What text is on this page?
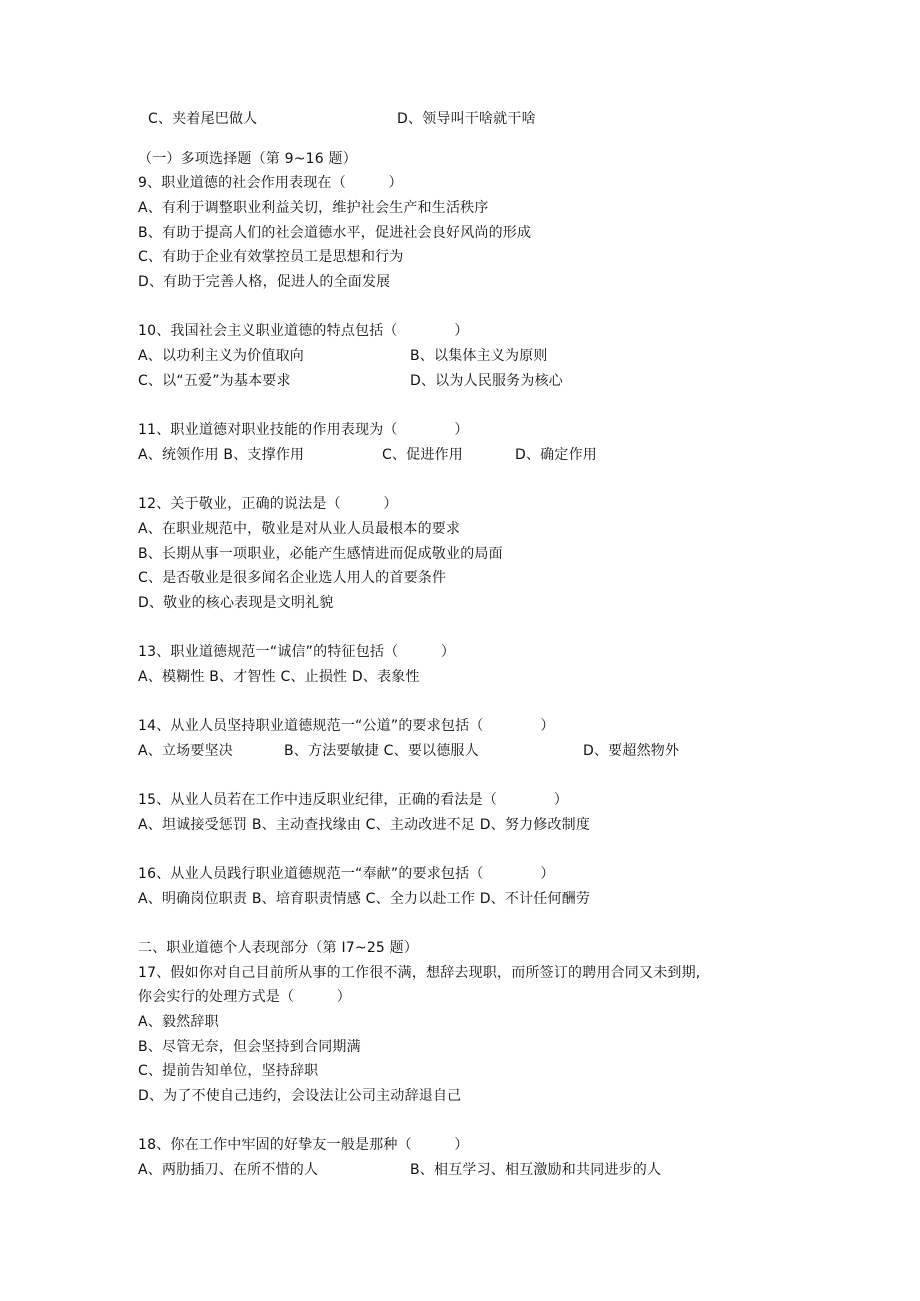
C、夹着尾巴做人	D、领导叫干啥就干啥
（一）多项选择题（第 9~16 题）
9、职业道德的社会作用表现在（　　　）
A、有利于调整职业利益关切，维护社会生产和生活秩序
B、有助于提高人们的社会道德水平，促进社会良好风尚的形成
C、有助于企业有效掌控员工是思想和行为
D、有助于完善人格，促进人的全面发展
10、我国社会主义职业道德的特点包括（　　　　）
A、以功利主义为价值取向	B、以集体主义为原则
C、以“五爱”为基本要求	D、以为人民服务为核心
11、职业道德对职业技能的作用表现为（　　　　）
A、统领作用 B、支撑作用	C、促进作用	D、确定作用
12、关于敬业，正确的说法是（　　　）
A、在职业规范中，敬业是对从业人员最根本的要求
B、长期从事一项职业，必能产生感情进而促成敬业的局面
C、是否敬业是很多闻名企业选人用人的首要条件
D、敬业的核心表现是文明礼貌
13、职业道德规范一“诚信”的特征包括（　　　）
A、模糊性 B、才智性 C、止损性 D、表象性
14、从业人员坚持职业道德规范一“公道”的要求包括（　　　　）
A、立场要坚决	B、方法要敏捷 C、要以德服人	D、要超然物外
15、从业人员若在工作中违反职业纪律，正确的看法是（　　　　）
A、坦诚接受惩罚 B、主动查找缘由 C、主动改进不足 D、努力修改制度
16、从业人员践行职业道德规范一“奉献”的要求包括（　　　　）
A、明确岗位职责 B、培育职责情感 C、全力以赴工作 D、不计任何酬劳
二、职业道德个人表现部分（第 I7~25 题）
17、假如你对自己目前所从事的工作很不满，想辞去现职，而所签订的聘用合同又未到期,
你会实行的处理方式是（　　　）
A、毅然辞职
B、尽管无奈，但会坚持到合同期满
C、提前告知单位，坚持辞职
D、为了不使自己违约，会设法让公司主动辞退自己
18、你在工作中牢固的好挚友一般是那种（　　　）
A、两肋插刀、在所不惜的人	B、相互学习、相互激励和共同进步的人
